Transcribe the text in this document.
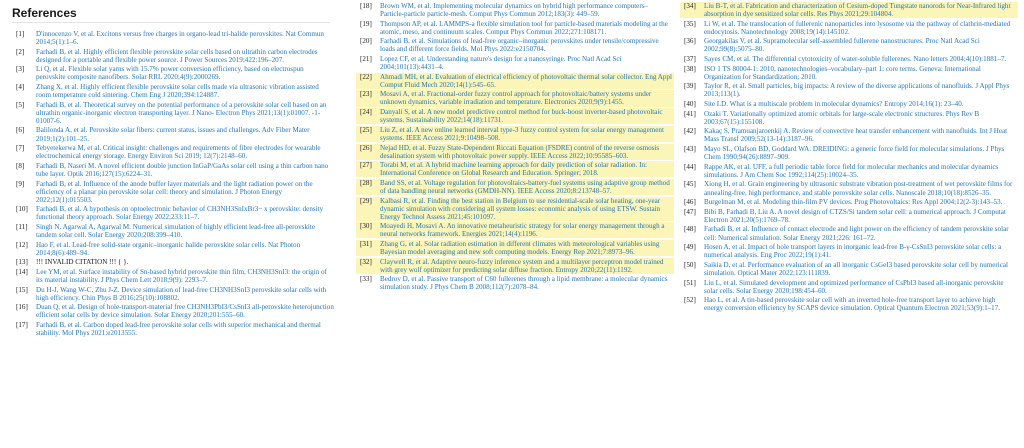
References
[1]	D'innocenzo V, et al. Excitons versus free charges in organo-lead tri-halide perovskites. Nat Commun 2014;5(1):1–6.
[2]	Farhadi B, et al. Highly efficient flexible perovskite solar cells based on ultrathin carbon electrodes designed for a portable and flexible power source. J Power Sources 2019;422:196–207.
[3]	Li Q, et al. Flexible solar yarns with 15.7% power conversion efficiency, based on electrospun perovskite composite nanofibers. Solar RRL 2020;4(9):2000269.
[4]	Zhang X, et al. Highly efficient flexible perovskite solar cells made via ultrasonic vibration assisted room temperature cold sintering. Chem Eng J 2020;394:124887.
[5]	Farhadi B, et al. Theoretical survey on the potential performance of a perovskite solar cell based on an ultrathin organic-inorganic electron transporting layer. J Nano- Electron Phys 2021;13(1):01007. -1-01007-6.
[6]	Balilonda A, et al. Perovskite solar fibers: current status, issues and challenges. Adv Fiber Mater 2019;1(2):101–25.
[7]	Tebyetekerwa M, et al. Critical insight: challenges and requirements of fibre electrodes for wearable electrochemical energy storage. Energy Environ Sci 2019; 12(7):2148–60.
[8]	Farhadi B, Naseri M. A novel efficient double junction InGaP/GaAs solar cell using a thin carbon nano tube layer. Optik 2016;127(15):6224–31.
[9]	Farhadi B, et al. Influence of the anode buffer layer materials and the light radiation power on the efficiency of a planar pin perovskite solar cell: theory and simulation. J Photon Energy 2022;12(1):015503.
[10]	Farhadi B, et al. A hypothesis on optoelectronic behavior of CH3NH3SnIxBr3− x perovskite: density functional theory approach. Solar Energy 2022;233:11–7.
[11]	Singh N, Agarwal A, Agarwal M. Numerical simulation of highly efficient lead-free all-perovskite tandem solar cell. Solar Energy 2020;208:399–410.
[12]	Hao F, et al. Lead-free solid-state organic–inorganic halide perovskite solar cells. Nat Photon 2014;8(6):489–94.
[13]	!!! INVALID CITATION !!! { }.
[14]	Lee YM, et al. Surface instability of Sn-based hybrid perovskite thin film, CH3NH3SnI3: the origin of its material instability. J Phys Chem Lett 2018;9(9): 2293–7.
[15]	Du H-J, Wang W-C, Zhu J-Z. Device simulation of lead-free CH3NH3SnI3 perovskite solar cells with high efficiency. Chin Phys B 2016;25(10):108802.
[16]	Duan Q, et al. Design of hole-transport-material free CH3NH3PbI3/CsSnI3 all-perovskite heterojunction efficient solar cells by device simulation. Solar Energy 2020;201:555–60.
[17]	Farhadi B, et al. Carbon doped lead-free perovskite solar cells with superior mechanical and thermal stability. Mol Phys 2021:e2013555.
[18]	Brown WM, et al. Implementing molecular dynamics on hybrid high performance computers–Particle-particle particle-mesh. Comput Phys Commun 2012;183(3): 449–59.
[19]	Thompson AP, et al. LAMMPS-a flexible simulation tool for particle-based materials modeling at the atomic, meso, and continuum scales. Comput Phys Commun 2022;271:108171.
[20]	Farhadi B, et al. Simulations of lead-free organic–inorganic perovskites under tensile/compressive loads and different force fields. Mol Phys 2022:e2150704.
[21]	Lopez CF, et al. Understanding nature's design for a nanosyringe. Proc Natl Acad Sci 2004;101(13):4431–4.
[22]	Ahmadi MH, et al. Evaluation of electrical efficiency of photovoltaic thermal solar collector. Eng Appl Comput Fluid Mech 2020;14(1):545–65.
[23]	Mosavi A, et al. Fractional-order fuzzy control approach for photovoltaic/battery systems under unknown dynamics, variable irradiation and temperature. Electronics 2020;9(9):1455.
[24]	Danyali S, et al. A new model predictive control method for buck-boost inverter-based photovoltaic systems. Sustainability 2022;14(18):11731.
[25]	Liu Z, et al. A new online learned interval type-3 fuzzy control system for solar energy management systems. IEEE Access 2021;9:10498–508.
[26]	Nejad HD, et al. Fuzzy State-Dependent Riccati Equation (FSDRE) control of the reverse osmosis desalination system with photovoltaic power supply. IEEE Access 2022;10:95585–603.
[27]	Torabi M, et al. A hybrid machine learning approach for daily prediction of solar radiation. In: International Conference on Global Research and Education. Springer; 2018.
[28]	Band SS, et al. Voltage regulation for photovoltaics-battery-fuel systems using adaptive group method of data handling neural networks (GMDH-NN). IEEE Access 2020;8:213748–57.
[29]	Kalbasi R, et al. Finding the best station in Belgium to use residential-scale solar heating, one-year dynamic simulation with considering all system losses: economic analysis of using ETSW. Sustain Energy Technol Assess 2021;45:101097.
[30]	Moayedi H, Mosavi A. An innovative metaheuristic strategy for solar energy management through a neural networks framework. Energies 2021;14(4):1196.
[31]	Zhang G, et al. Solar radiation estimation in different climates with meteorological variables using Bayesian model averaging and new soft computing models. Energy Rep 2021;7:8973–96.
[32]	Claywell R, et al. Adaptive neuro-fuzzy inference system and a multilayer perceptron model trained with grey wolf optimizer for predicting solar diffuse fraction. Entropy 2020;22(11):1192.
[33]	Bedrov D, et al. Passive transport of C60 fullerenes through a lipid membrane: a molecular dynamics simulation study. J Phys Chem B 2008;112(7):2078–84.
[34]	Liu B-T, et al. Fabrication and characterization of Cesium-doped Tungstate nanorods for Near-Infrared light absorption in dye sensitized solar cells. Res Phys 2021;29:104804.
[35]	Li W, et al. The translocation of fullerenic nanoparticles into lysosome via the pathway of clathrin-mediated endocytosis. Nanotechnology 2008;19(14):145102.
[36]	Georgakilas V, et al. Supramolecular self-assembled fullerene nanostructures. Proc Natl Acad Sci 2002;99(8):5075–80.
[37]	Sayes CM, et al. The differential cytotoxicity of water-soluble fullerenes. Nano letters 2004;4(10):1881–7.
[38]	ISO 1 TS 80004-1: 2010, nanotechnologies–vocabulary–part 1: core terms. Geneva: International Organization for Standardization; 2010.
[39]	Taylor R, et al. Small particles, big impacts: A review of the diverse applications of nanofluids. J Appl Phys 2013;113(1).
[40]	Site LD. What is a multiscale problem in molecular dynamics? Entropy 2014;16(1): 23–40.
[41]	Ozaki T. Variationally optimized atomic orbitals for large-scale electronic structures. Phys Rev B 2003;67(15):155108.
[42]	Kakaç S, Pramuanjaroenkij A. Review of convective heat transfer enhancement with nanofluids. Int J Heat Mass Transf 2009;52(13-14):3187–96.
[43]	Mayo SL, Olafson BD, Goddard WA. DREIDING: a generic force field for molecular simulations. J Phys Chem 1990;94(26):8897–909.
[44]	Rappe AK, et al. UFF, a full periodic table force field for molecular mechanics and molecular dynamics simulations. J Am Chem Soc 1992;114(25):10024–35.
[45]	Xiong H, et al. Grain engineering by ultrasonic substrate vibration post-treatment of wet perovskite films for annealing-free, high performance, and stable perovskite solar cells. Nanoscale 2018;10(18):8526–35.
[46]	Burgelman M, et al. Modeling thin-film PV devices. Prog Photovoltaics: Res Appl 2004;12(2-3):143–53.
[47]	Bibi B, Farhadi B, Liu A. A novel design of CTZS/Si tandem solar cell: a numerical approach. J Computat Electron 2021;20(5):1769–78.
[48]	Farhadi B, et al. Influence of contact electrode and light power on the efficiency of tandem perovskite solar cell: Numerical simulation. Solar Energy 2021;226: 161–72.
[49]	Hosen A, et al. Impact of hole transport layers in inorganic lead-free B-γ-CsSnI3 perovskite solar cells: a numerical analysis. Eng Proc 2022;19(1):41.
[50]	Saikia D, et al. Performance evaluation of an all inorganic CsGeI3 based perovskite solar cell by numerical simulation. Optical Mater 2022;123:111839.
[51]	Liu L, et al. Simulated development and optimized performance of CsPbI3 based all-inorganic perovskite solar cells. Solar Energy 2020;198:454–60.
[52]	Hao L, et al. A tin-based perovskite solar cell with an inverted hole-free transport layer to achieve high energy conversion efficiency by SCAPS device simulation. Optical Quantum Electron 2021;53(9):1–17.
